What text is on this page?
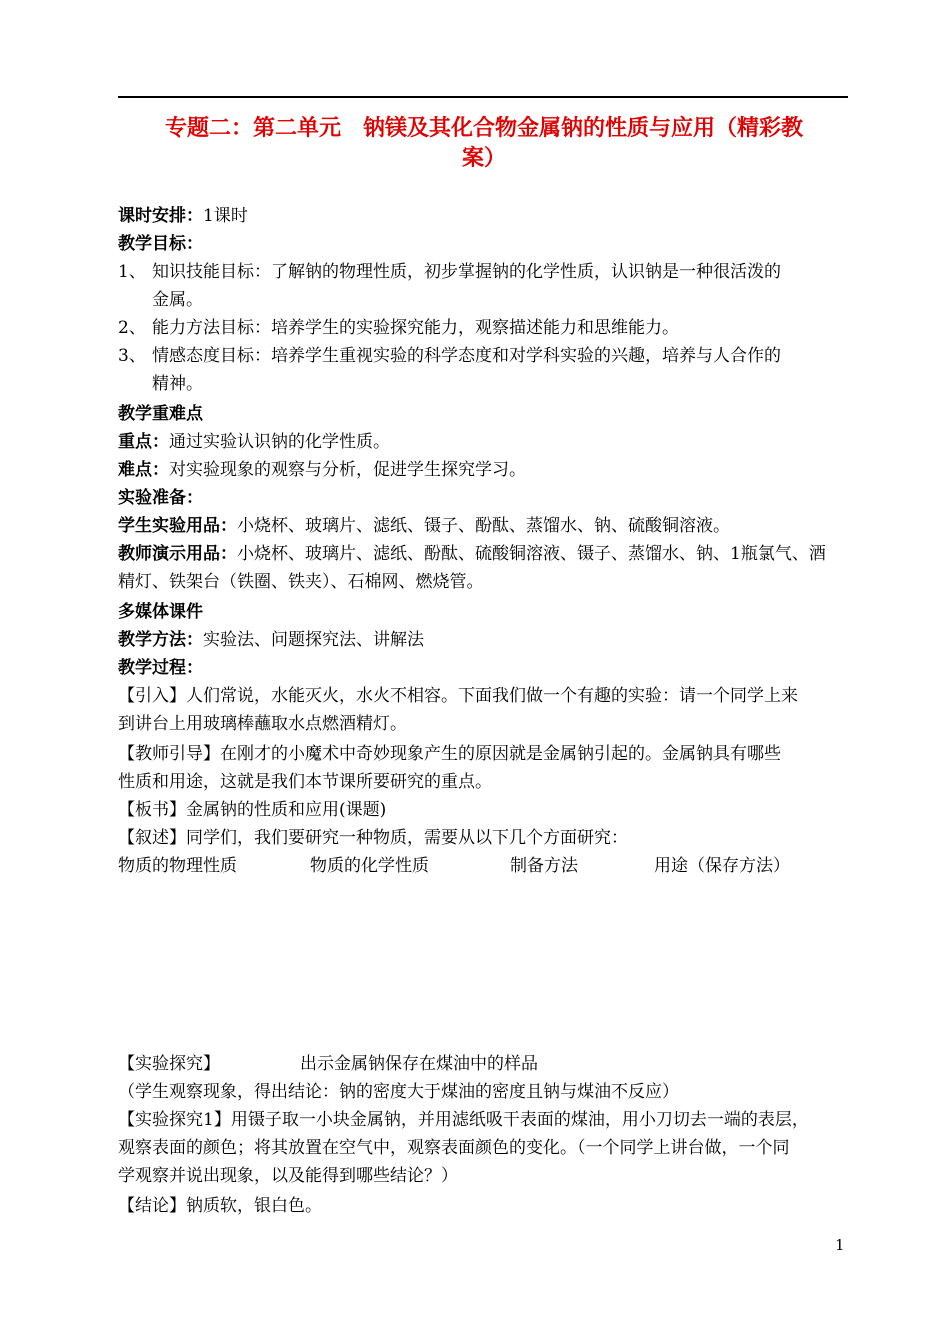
专题二：第二单元　钠镁及其化合物金属钠的性质与应用（精彩教
案）
课时安排：1课时
教学目标：
1、 知识技能目标：了解钠的物理性质，初步掌握钠的化学性质，认识钠是一种很活泼的
金属。
2、 能力方法目标：培养学生的实验探究能力，观察描述能力和思维能力。
3、 情感态度目标：培养学生重视实验的科学态度和对学科实验的兴趣，培养与人合作的
精神。
教学重难点
重点：通过实验认识钠的化学性质。
难点：对实验现象的观察与分析，促进学生探究学习。
实验准备：
学生实验用品：小烧杯、玻璃片、滤纸、镊子、酚酞、蒸馏水、钠、硫酸铜溶液。
教师演示用品：小烧杯、玻璃片、滤纸、酚酞、硫酸铜溶液、镊子、蒸馏水、钠、1瓶氯气、酒
精灯、铁架台（铁圈、铁夹）、石棉网、燃烧管。
多媒体课件
教学方法：实验法、问题探究法、讲解法
教学过程：
【引入】人们常说，水能灭火，水火不相容。下面我们做一个有趣的实验：请一个同学上来
到讲台上用玻璃棒蘸取水点燃酒精灯。
【教师引导】在刚才的小魔术中奇妙现象产生的原因就是金属钠引起的。金属钠具有哪些
性质和用途，这就是我们本节课所要研究的重点。
【板书】金属钠的性质和应用(课题)
【叙述】同学们，我们要研究一种物质，需要从以下几个方面研究：
物质的物理性质	物质的化学性质	制备方法	用途（保存方法）
【实验探究】	出示金属钠保存在煤油中的样品
（学生观察现象，得出结论：钠的密度大于煤油的密度且钠与煤油不反应）
【实验探究1】用镊子取一小块金属钠，并用滤纸吸干表面的煤油，用小刀切去一端的表层，
观察表面的颜色；将其放置在空气中，观察表面颜色的变化。（一个同学上讲台做，一个同
学观察并说出现象，以及能得到哪些结论？）
【结论】钠质软，银白色。
1
